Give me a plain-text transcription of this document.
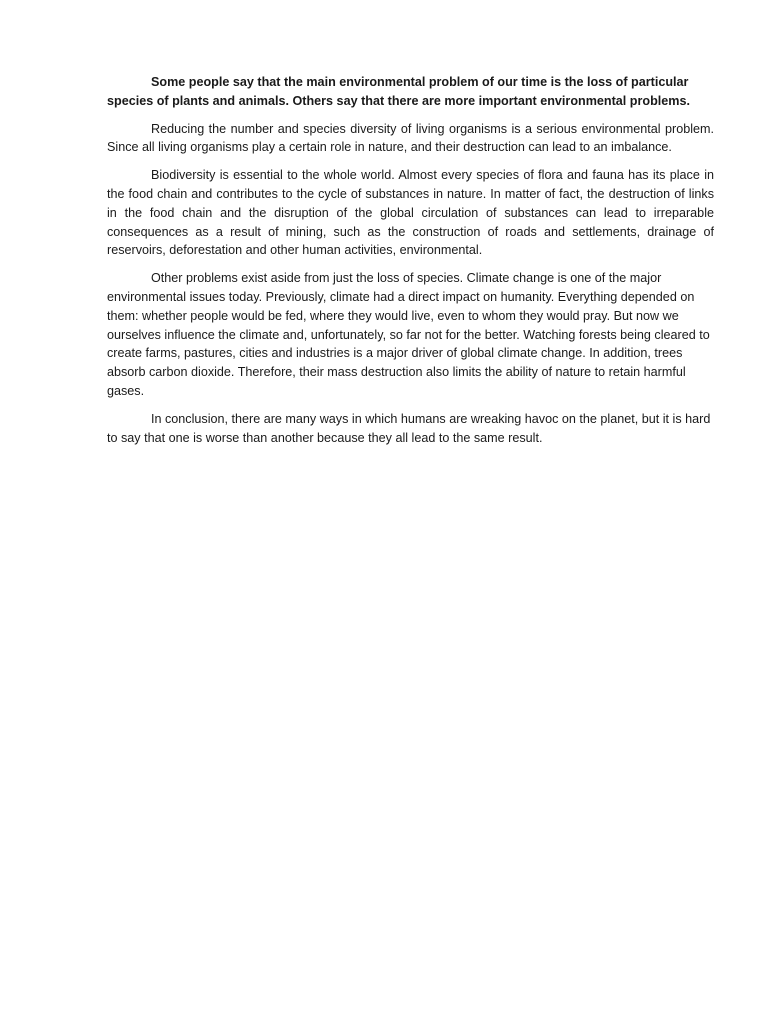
Some people say that the main environmental problem of our time is the loss of particular species of plants and animals. Others say that there are more important environmental problems.

Reducing the number and species diversity of living organisms is a serious environmental problem. Since all living organisms play a certain role in nature, and their destruction can lead to an imbalance.

Biodiversity is essential to the whole world. Almost every species of flora and fauna has its place in the food chain and contributes to the cycle of substances in nature. In matter of fact, the destruction of links in the food chain and the disruption of the global circulation of substances can lead to irreparable consequences as a result of mining, such as the construction of roads and settlements, drainage of reservoirs, deforestation and other human activities, environmental.

Other problems exist aside from just the loss of species. Climate change is one of the major environmental issues today. Previously, climate had a direct impact on humanity. Everything depended on them: whether people would be fed, where they would live, even to whom they would pray. But now we ourselves influence the climate and, unfortunately, so far not for the better. Watching forests being cleared to create farms, pastures, cities and industries is a major driver of global climate change. In addition, trees absorb carbon dioxide. Therefore, their mass destruction also limits the ability of nature to retain harmful gases.

In conclusion, there are many ways in which humans are wreaking havoc on the planet, but it is hard to say that one is worse than another because they all lead to the same result.
